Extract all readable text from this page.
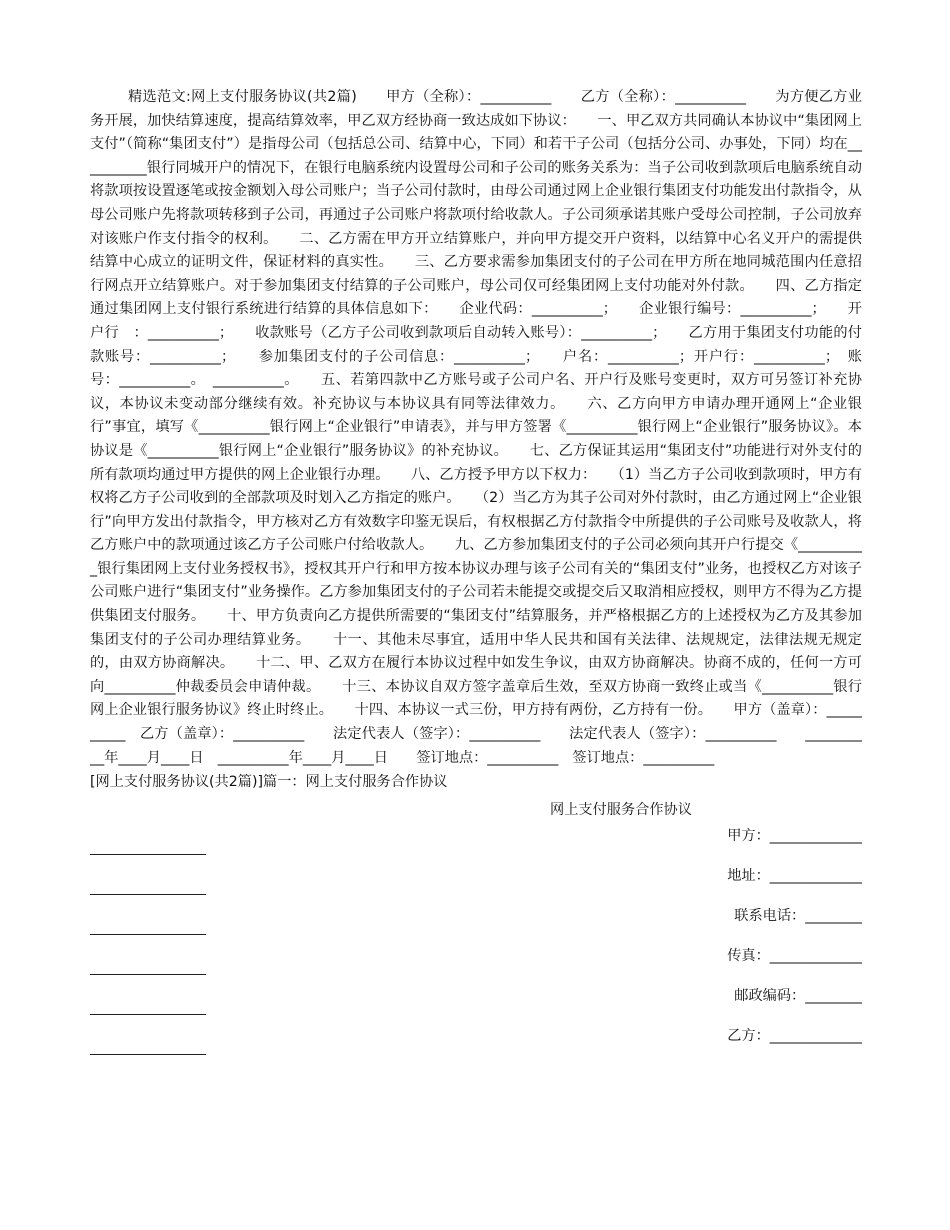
精选范文:网上支付服务协议(共2篇)　　甲方（全称）：__________　　乙方（全称）：__________　　为方便乙方业务开展，加快结算速度，提高结算效率，甲乙双方经协商一致达成如下协议：　　一、甲乙双方共同确认本协议中“集团网上支付”（简称“集团支付”）是指母公司（包括总公司、结算中心，下同）和若干子公司（包括分公司、办事处，下同）均在__________银行同城开户的情况下，在银行电脑系统内设置母公司和子公司的账务关系为：当子公司收到款项后电脑系统自动将款项按设置逐笔或按金额划入母公司账户；当子公司付款时，由母公司通过网上企业银行集团支付功能发出付款指令，从母公司账户先将款项转移到子公司，再通过子公司账户将款项付给收款人。子公司须承诺其账户受母公司控制，子公司放弃对该账户作支付指令的权利。　　二、乙方需在甲方开立结算账户，并向甲方提交开户资料，以结算中心名义开户的需提供结算中心成立的证明文件，保证材料的真实性。　　三、乙方要求需参加集团支付的子公司在甲方所在地同城范围内任意招行网点开立结算账户。对于参加集团支付结算的子公司账户，母公司仅可经集团网上支付功能对外付款。　　四、乙方指定通过集团网上支付银行系统进行结算的具体信息如下：　　企业代码：__________；　　企业银行编号：__________；　　开户行　：__________；　　收款账号（乙方子公司收到款项后自动转入账号）：__________；　　乙方用于集团支付功能的付款账号：__________；　　参加集团支付的子公司信息：__________；　　户名：__________；开户行：__________；　账号：__________。　__________。　　五、若第四款中乙方账号或子公司户名、开户行及账号变更时，双方可另签订补充协议，本协议未变动部分继续有效。补充协议与本协议具有同等法律效力。　　六、乙方向甲方申请办理开通网上“企业银行”事宜，填写《__________银行网上“企业银行”申请表》，并与甲方签署《__________银行网上“企业银行”服务协议》。本协议是《__________银行网上“企业银行”服务协议》的补充协议。　　七、乙方保证其运用“集团支付”功能进行对外支付的所有款项均通过甲方提供的网上企业银行办理。　　八、乙方授予甲方以下权力：　　（1）当乙方子公司收到款项时，甲方有权将乙方子公司收到的全部款项及时划入乙方指定的账户。　　（2）当乙方为其子公司对外付款时，由乙方通过网上“企业银行”向甲方发出付款指令，甲方核对乙方有效数字印鉴无误后，有权根据乙方付款指令中所提供的子公司账号及收款人，将乙方账户中的款项通过该乙方子公司账户付给收款人。　　九、乙方参加集团支付的子公司必须向其开户行提交《__________银行集团网上支付业务授权书》，授权其开户行和甲方按本协议办理与该子公司有关的“集团支付”业务，也授权乙方对该子公司账户进行“集团支付”业务操作。乙方参加集团支付的子公司若未能提交或提交后又取消相应授权，则甲方不得为乙方提供集团支付服务。　　十、甲方负责向乙方提供所需要的“集团支付”结算服务，并严格根据乙方的上述授权为乙方及其参加集团支付的子公司办理结算业务。　　十一、其他未尽事宜，适用中华人民共和国有关法律、法规规定，法律法规无规定的，由双方协商解决。　　十二、甲、乙双方在履行本协议过程中如发生争议，由双方协商解决。协商不成的，任何一方可向__________仲裁委员会申请仲裁。　　十三、本协议自双方签字盖章后生效，至双方协商一致终止或当《__________银行网上企业银行服务协议》终止时终止。　　十四、本协议一式三份，甲方持有两份，乙方持有一份。　　甲方（盖章）：__________　乙方（盖章）：__________　　法定代表人（签字）：__________　　法定代表人（签字）：__________　　__________年____月____日　__________年____月____日　　签订地点：__________　签订地点：__________

[网上支付服务协议(共2篇)]篇一：网上支付服务合作协议

网上支付服务合作协议

甲方：_____________
地址：_____________
联系电话：________
传真：_____________
邮政编码：________
乙方：_____________
